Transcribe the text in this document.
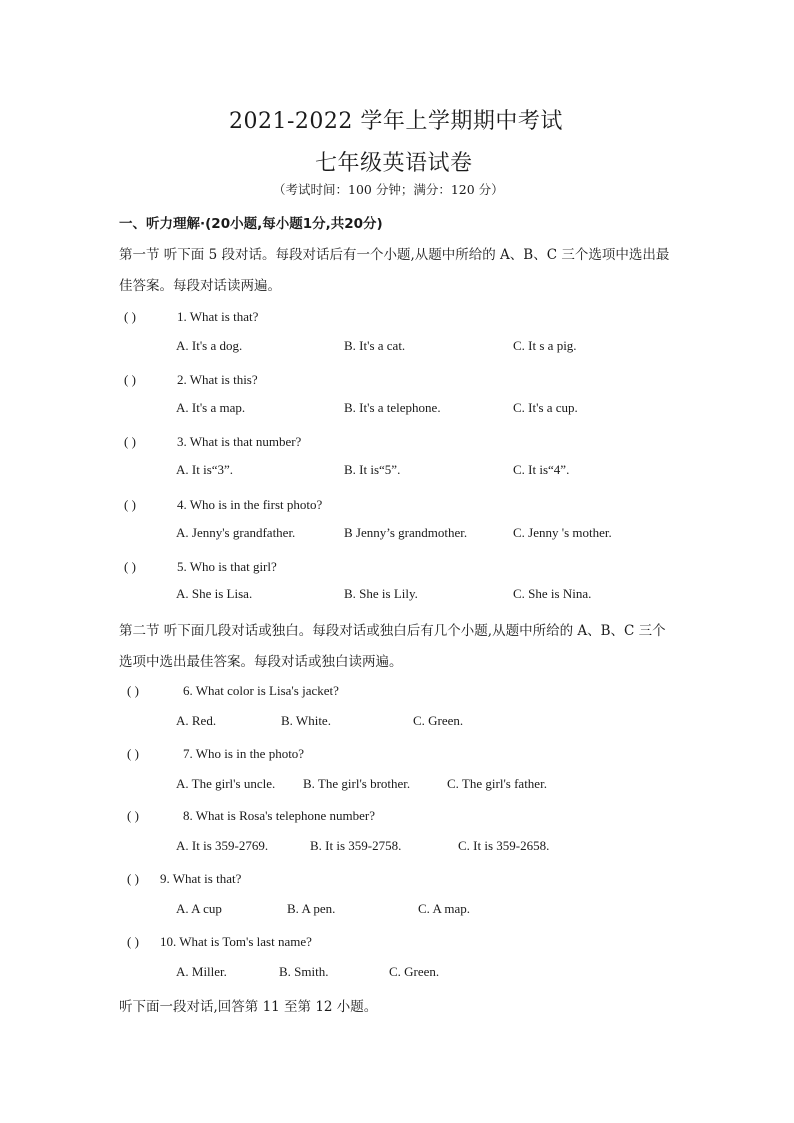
2021-2022 学年上学期期中考试
七年级英语试卷
（考试时间：100 分钟；满分：120 分）
一、听力理解·(20小题,每小题1分,共20分)
第一节 听下面 5 段对话。每段对话后有一个小题,从题中所给的 A、B、C 三个选项中选出最
佳答案。每段对话读两遍。
( )	1. What is that?
A. It's a dog.	B. It's a cat.	C. It s a pig.
( )	2. What is this?
A. It's a map.	B. It's a telephone.	C. It's a cup.
( )	3. What is that number?
A. It is“3”.	B. It is“5”.	C. It is“4”.
( )	4. Who is in the first photo?
A. Jenny's grandfather.	B Jenny’s grandmother.	C. Jenny 's mother.
( )	5. Who is that girl?
A. She is Lisa.	B. She is Lily.	C. She is Nina.
第二节 听下面几段对话或独白。每段对话或独白后有几个小题,从题中所给的 A、B、C 三个
选项中选出最佳答案。每段对话或独白读两遍。
( )	6. What color is Lisa's jacket?
A. Red.	B. White.	C. Green.
( )	7. Who is in the photo?
A. The girl's uncle. B. The girl's brother.	C. The girl's father.
( )	8. What is Rosa's telephone number?
A. It is 359-2769.	B. It is 359-2758.	C. It is 359-2658.
( ) 9. What is that?
A. A cup	B. A pen.	C. A map.
( ) 10. What is Tom's last name?
A. Miller.	B. Smith.	C. Green.
听下面一段对话,回答第 11 至第 12 小题。
